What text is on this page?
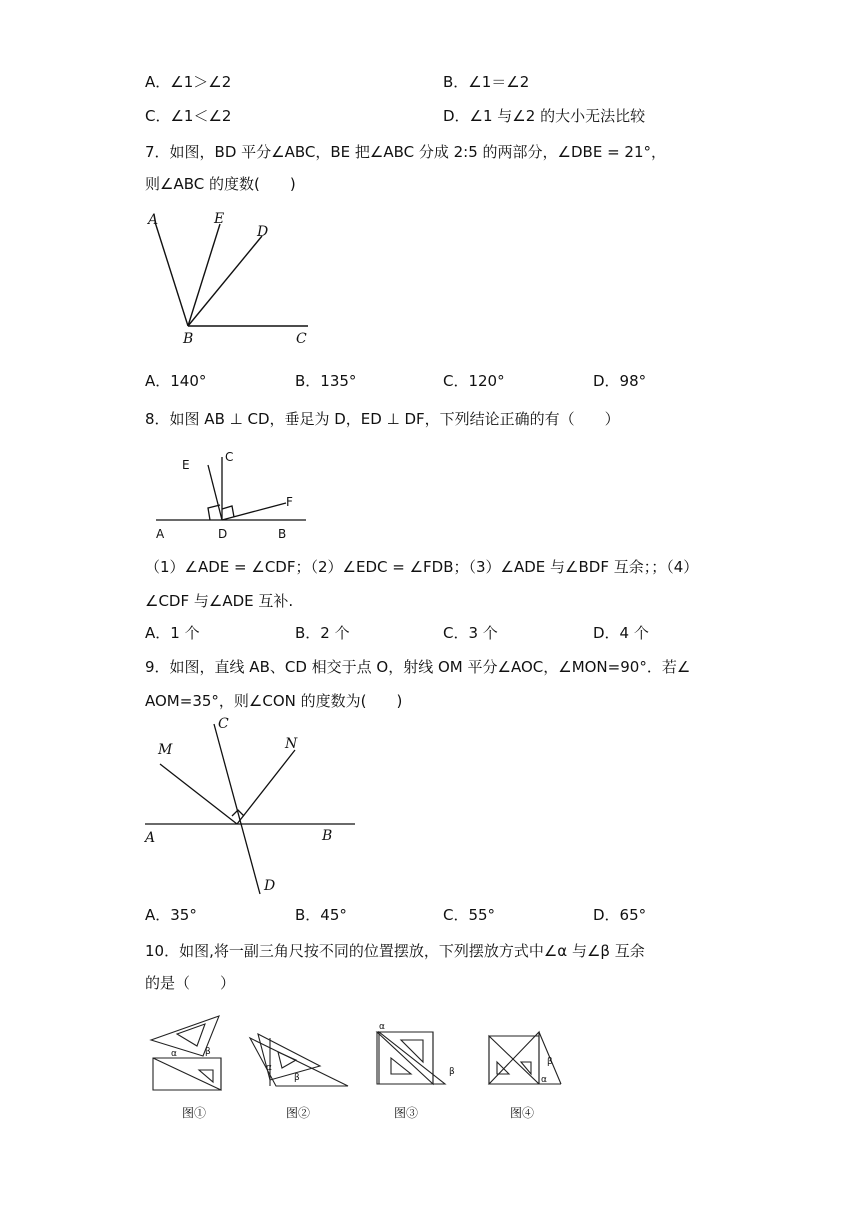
A．∠1＞∠2	B．∠1＝∠2
C．∠1＜∠2	D．∠1 与∠2 的大小无法比较
7．如图，BD 平分∠ABC，BE 把∠ABC 分成 2:5 的两部分，∠DBE = 21°，
则∠ABC 的度数(　　)
A	E
D
B	C
A．140°	B．135°	C．120°	D．98°
8．如图 AB ⊥ CD，垂足为 D，ED ⊥ DF，下列结论正确的有（　　）
E
C
F
A	D	B
（1）∠ADE = ∠CDF；（2）∠EDC = ∠FDB；（3）∠ADE 与∠BDF 互余；；（4）
∠CDF 与∠ADE 互补.
A．1 个	B．2 个	C．3 个	D．4 个
9．如图，直线 AB、CD 相交于点 O，射线 OM 平分∠AOC，∠MON=90°．若∠
AOM=35°，则∠CON 的度数为(　　)
C
M	N
A	B
D
A．35°	B．45°	C．55°	D．65°
10．如图,将一副三角尺按不同的位置摆放，下列摆放方式中∠α 与∠β 互余
的是（　　）
α	β
图①
α
β
图②
α
β
图③
β
α
图④
